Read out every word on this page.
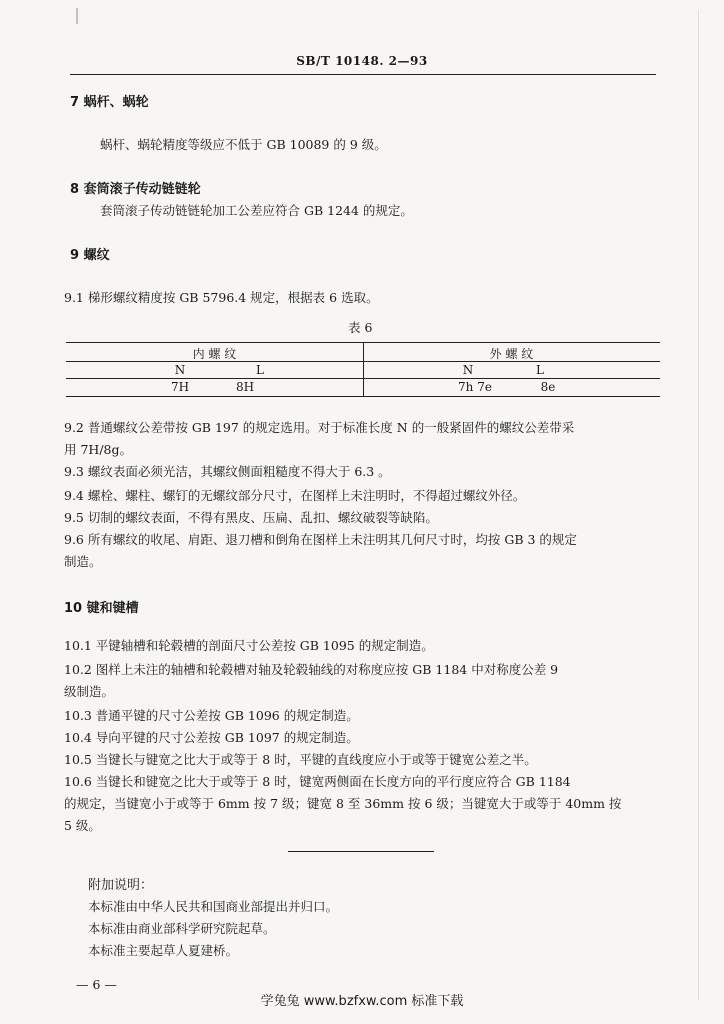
SB/T 10148. 2—93
7 蜗杆、蜗轮
蜗杆、蜗轮精度等级应不低于 GB 10089 的 9 级。
8 套筒滚子传动链链轮
套筒滚子传动链链轮加工公差应符合 GB 1244 的规定。
9 螺纹
9.1 梯形螺纹精度按 GB 5796.4 规定，根据表 6 选取。
表 6
内 螺 纹	外 螺 纹
N	L	N	L
7H	8H	7h 7e	8e
9.2 普通螺纹公差带按 GB 197 的规定选用。对于标准长度 N 的一般紧固件的螺纹公差带采
用 7H/8g。
9.3 螺纹表面必须光洁，其螺纹侧面粗糙度不得大于 6.3 。
9.4 螺栓、螺柱、螺钉的无螺纹部分尺寸，在图样上未注明时，不得超过螺纹外径。
9.5 切制的螺纹表面，不得有黑皮、压扁、乱扣、螺纹破裂等缺陷。
9.6 所有螺纹的收尾、肩距、退刀槽和倒角在图样上未注明其几何尺寸时，均按 GB 3 的规定
制造。
10 键和键槽
10.1 平键轴槽和轮毂槽的剖面尺寸公差按 GB 1095 的规定制造。
10.2 图样上未注的轴槽和轮毂槽对轴及轮毂轴线的对称度应按 GB 1184 中对称度公差 9
级制造。
10.3 普通平键的尺寸公差按 GB 1096 的规定制造。
10.4 导向平键的尺寸公差按 GB 1097 的规定制造。
10.5 当键长与键宽之比大于或等于 8 时，平键的直线度应小于或等于键宽公差之半。
10.6 当键长和键宽之比大于或等于 8 时，键宽两侧面在长度方向的平行度应符合 GB 1184
的规定，当键宽小于或等于 6mm 按 7 级；键宽 8 至 36mm 按 6 级；当键宽大于或等于 40mm 按
5 级。
附加说明：
本标准由中华人民共和国商业部提出并归口。
本标准由商业部科学研究院起草。
本标准主要起草人夏建桥。
— 6 —
学兔兔 www.bzfxw.com 标准下载
